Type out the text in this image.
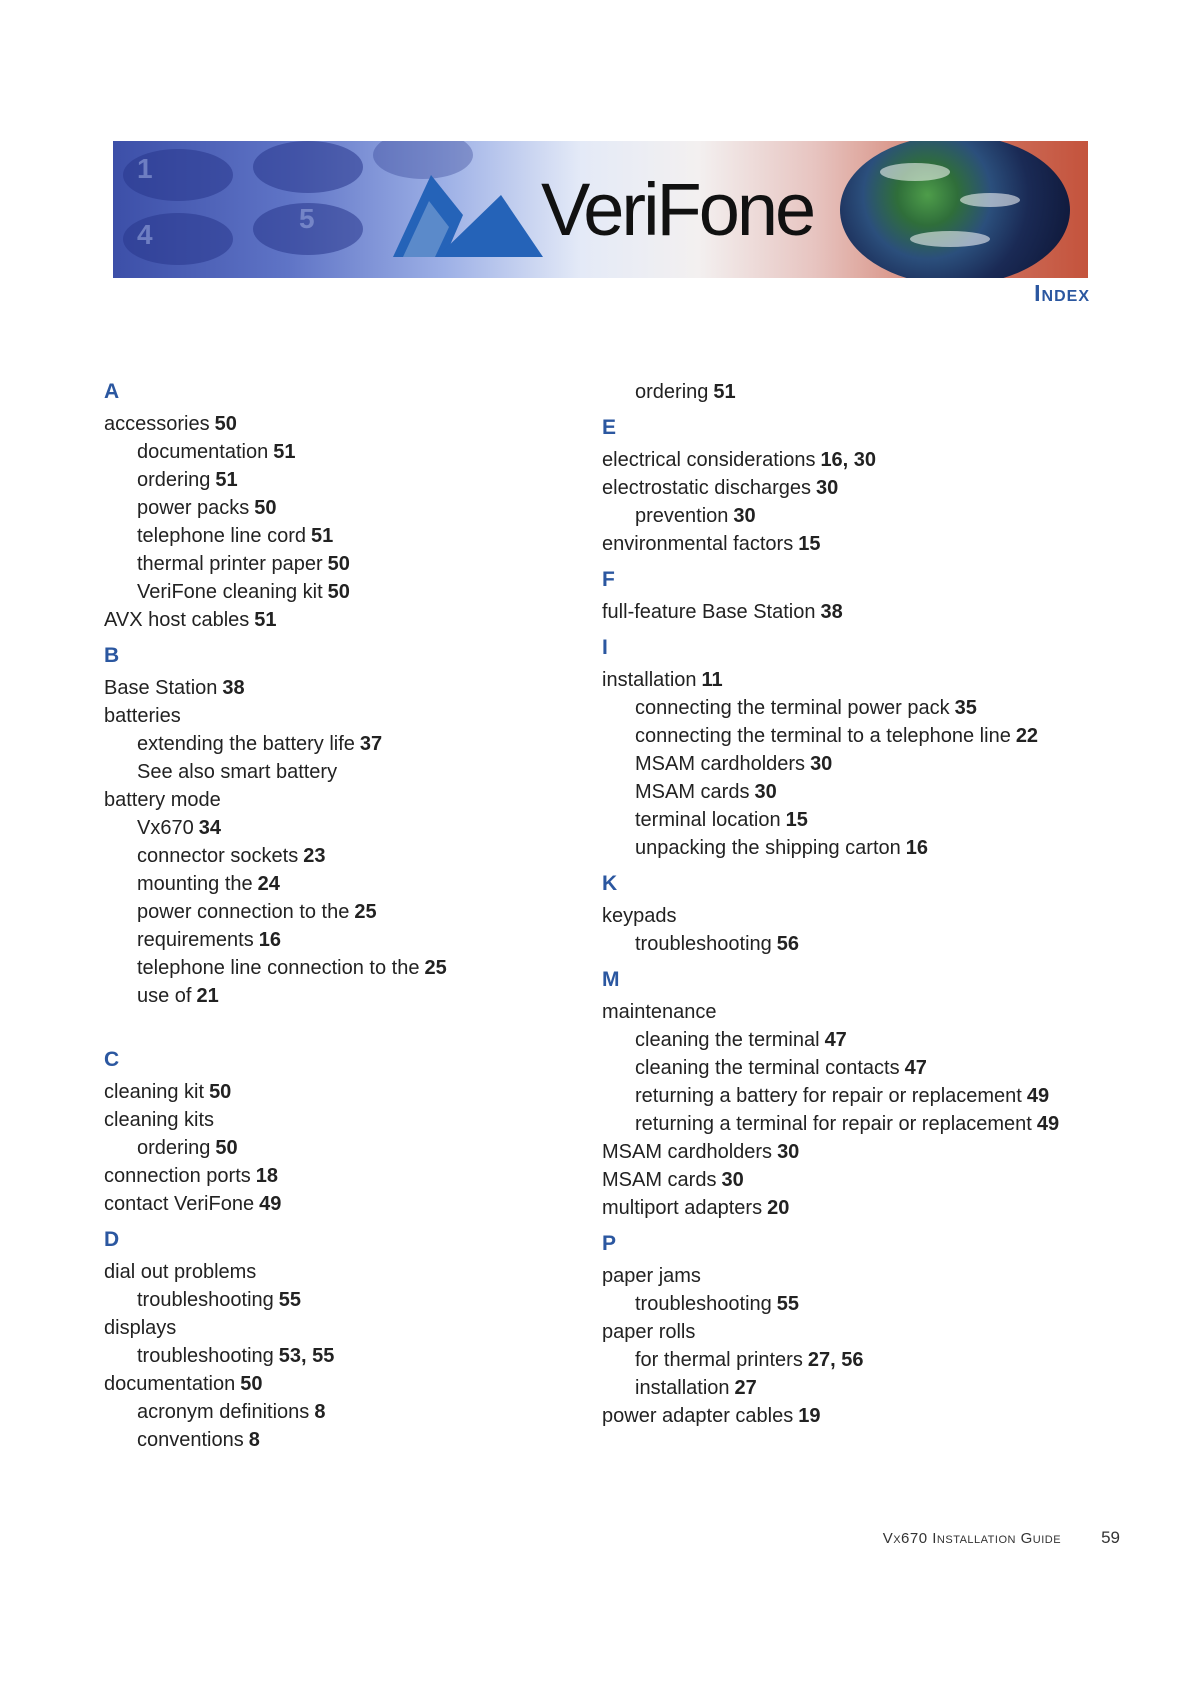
1
4
5	VeriFone
Index
A
accessories 50
documentation 51
ordering 51
power packs 50
telephone line cord 51
thermal printer paper 50
VeriFone cleaning kit 50
AVX host cables 51
B
Base Station 38
batteries
extending the battery life 37
See also smart battery
battery mode
Vx670 34
connector sockets 23
mounting the 24
power connection to the 25
requirements 16
telephone line connection to the 25
use of 21
C
cleaning kit 50
cleaning kits
ordering 50
connection ports 18
contact VeriFone 49
D
dial out problems
troubleshooting 55
displays
troubleshooting 53, 55
documentation 50
acronym definitions 8
conventions 8
ordering 51
E
electrical considerations 16, 30
electrostatic discharges 30
prevention 30
environmental factors 15
F
full-feature Base Station 38
I
installation 11
connecting the terminal power pack 35
connecting the terminal to a telephone line 22
MSAM cardholders 30
MSAM cards 30
terminal location 15
unpacking the shipping carton 16
K
keypads
troubleshooting 56
M
maintenance
cleaning the terminal 47
cleaning the terminal contacts 47
returning a battery for repair or replacement 49
returning a terminal for repair or replacement 49
MSAM cardholders 30
MSAM cards 30
multiport adapters 20
P
paper jams
troubleshooting 55
paper rolls
for thermal printers 27, 56
installation 27
power adapter cables 19
Vx670 Installation Guide 59
